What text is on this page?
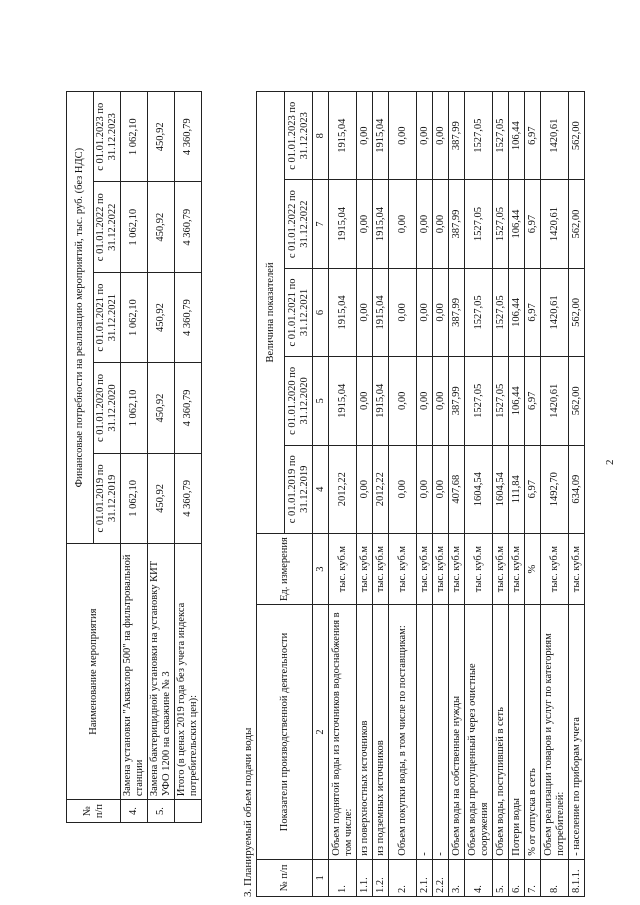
2
№ п/п	Наименование мероприятия	Финансовые потребности на реализацию мероприятий, тыс. руб. (без НДС)				
		с 01.01.2019 по 31.12.2019	с 01.01.2020 по 31.12.2020	с 01.01.2021 по 31.12.2021	с 01.01.2022 по 31.12.2022	с 01.01.2023 по 31.12.2023
4.	Замена установки "Аквахлор 500" на фильтровальной станции	1 062,10	1 062,10	1 062,10	1 062,10	1 062,10
5.	Замена бактерицидной установки на установку КИТ УФО 1200 на скважине № 3	450,92	450,92	450,92	450,92	450,92
	Итого (в ценах 2019 года без учета индекса потребительских цен):	4 360,79	4 360,79	4 360,79	4 360,79	4 360,79
3. Планируемый объем подачи воды № п/п	Показатели производственной деятельности	Ед. измерения	Величина показателей				
			с 01.01.2019 по 31.12.2019	с 01.01.2020 по 31.12.2020	с 01.01.2021 по 31.12.2021	с 01.01.2022 по 31.12.2022	с 01.01.2023 по 31.12.2023
1	2	3	4	5	6	7	8
1.	Объем поднятой воды из источников водоснабжения в том числе:	тыс. куб.м	2012,22	1915,04	1915,04	1915,04	1915,04
1.1.	из поверхностных источников	тыс. куб.м	0,00	0,00	0,00	0,00	0,00
1.2.	из подземных источников	тыс. куб.м	2012,22	1915,04	1915,04	1915,04	1915,04
2.	Объем покупки воды, в том числе по поставщикам:	тыс. куб.м	0,00	0,00	0,00	0,00	0,00
2.1.	-	тыс. куб.м	0,00	0,00	0,00	0,00	0,00
2.2.	-	тыс. куб.м	0,00	0,00	0,00	0,00	0,00
3.	Объем воды на собственные нужды	тыс. куб.м	407,68	387,99	387,99	387,99	387,99
4.	Объем воды пропущенный через очистные сооружения	тыс. куб.м	1604,54	1527,05	1527,05	1527,05	1527,05
5.	Объем воды, поступившей в сеть	тыс. куб.м	1604,54	1527,05	1527,05	1527,05	1527,05
6.	Потери воды	тыс. куб.м	111,84	106,44	106,44	106,44	106,44
7.	% от отпуска в сеть	%	6,97	6,97	6,97	6,97	6,97
8.	Объем реализации товаров и услуг по категориям потребителей:	тыс. куб.м	1492,70	1420,61	1420,61	1420,61	1420,61
8.1.1.	- население по приборам учета	тыс. куб.м	634,09	562,00	562,00	562,00	562,00
